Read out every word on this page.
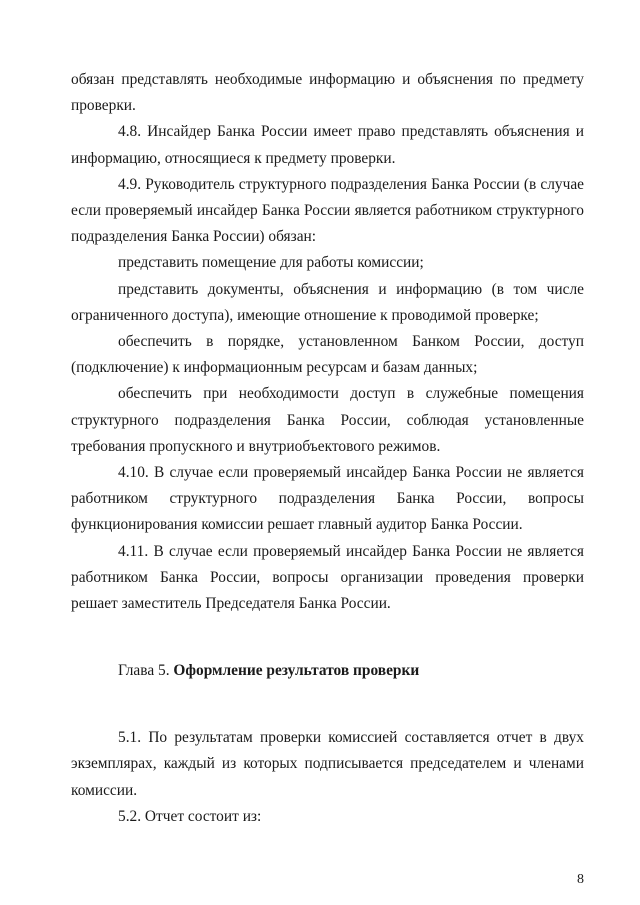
обязан представлять необходимые информацию и объяснения по предмету проверки.

4.8. Инсайдер Банка России имеет право представлять объяснения и информацию, относящиеся к предмету проверки.

4.9. Руководитель структурного подразделения Банка России (в случае если проверяемый инсайдер Банка России является работником структурного подразделения Банка России) обязан:

представить помещение для работы комиссии;

представить документы, объяснения и информацию (в том числе ограниченного доступа), имеющие отношение к проводимой проверке;

обеспечить в порядке, установленном Банком России, доступ (подключение) к информационным ресурсам и базам данных;

обеспечить при необходимости доступ в служебные помещения структурного подразделения Банка России, соблюдая установленные требования пропускного и внутриобъектового режимов.

4.10. В случае если проверяемый инсайдер Банка России не является работником структурного подразделения Банка России, вопросы функционирования комиссии решает главный аудитор Банка России.

4.11. В случае если проверяемый инсайдер Банка России не является работником Банка России, вопросы организации проведения проверки решает заместитель Председателя Банка России.

Глава 5. Оформление результатов проверки

5.1. По результатам проверки комиссией составляется отчет в двух экземплярах, каждый из которых подписывается председателем и членами комиссии.

5.2. Отчет состоит из:

8
